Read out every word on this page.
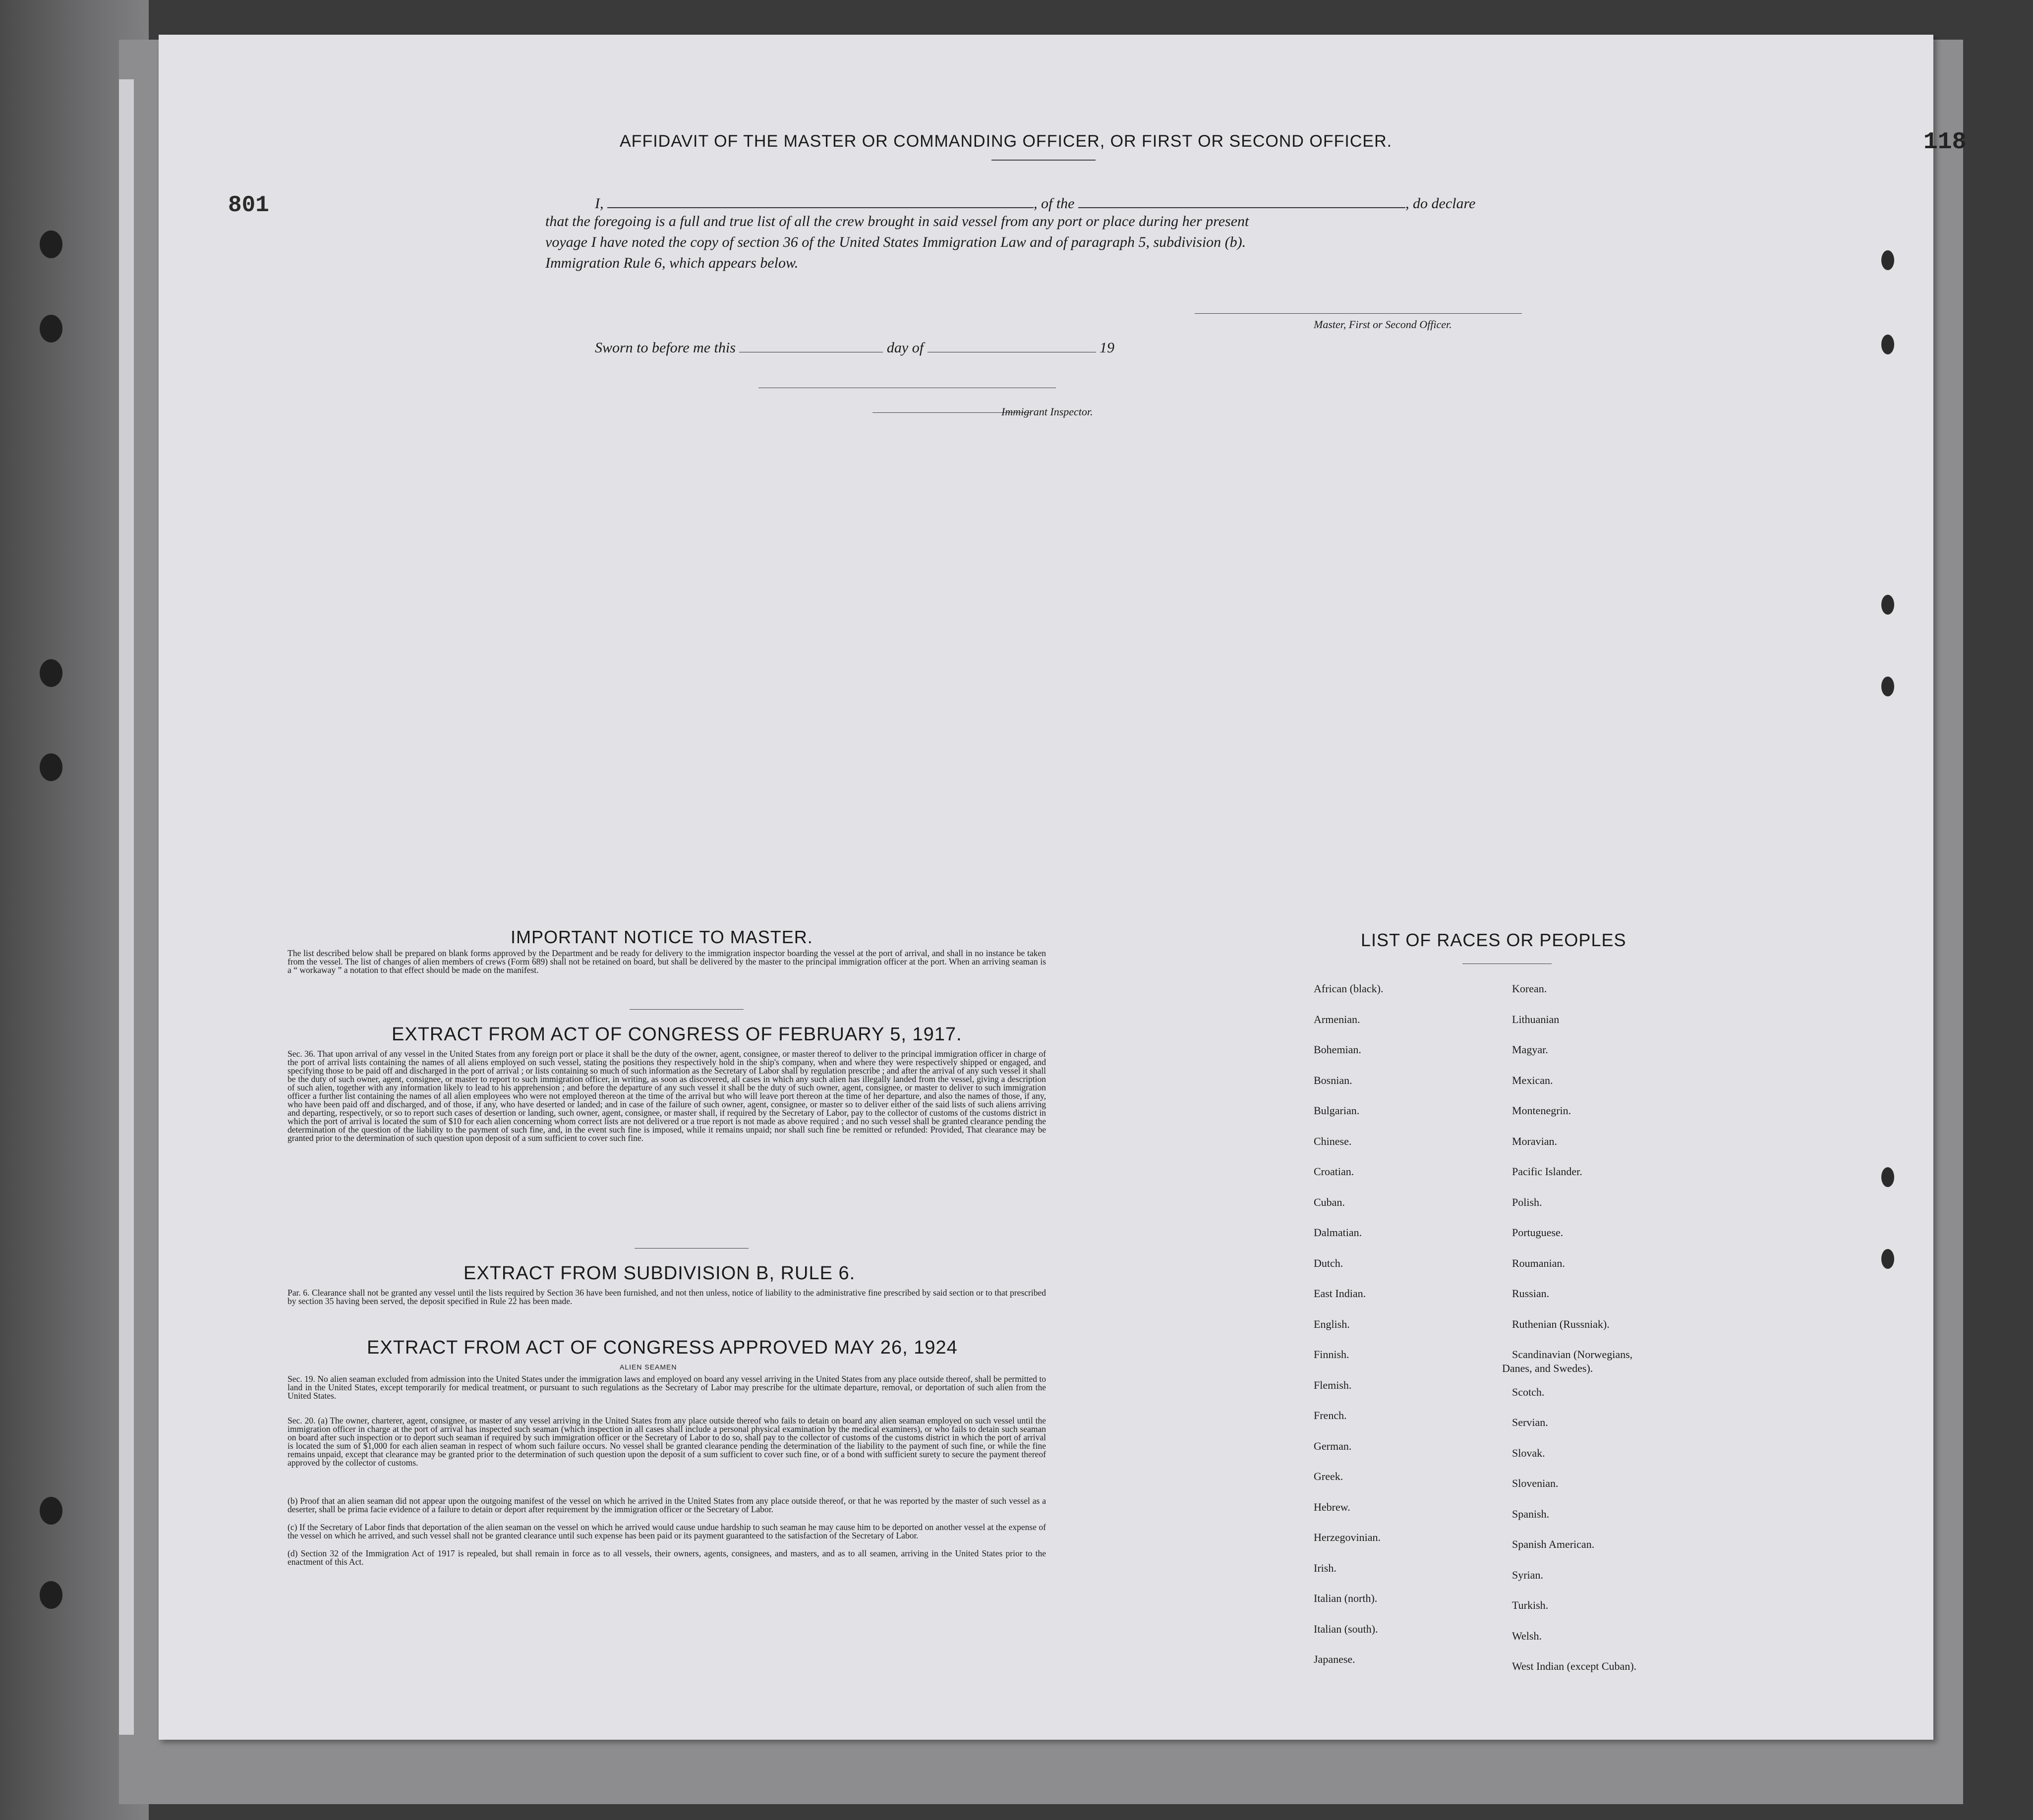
801
AFFIDAVIT OF THE MASTER OR COMMANDING OFFICER, OR FIRST OR SECOND OFFICER.
I,	, of the	, do declare
that the foregoing is a full and true list of all the crew brought in said vessel from any port or place during her present
voyage I have noted the copy of section 36 of the United States Immigration Law and of paragraph 5, subdivision (b).
Immigration Rule 6, which appears below.
Master, First or Second Officer.
Sworn to before me this	day of	19
Immigrant Inspector.
IMPORTANT NOTICE TO MASTER.
The list described below shall be prepared on blank forms approved by the Department and be ready for delivery to the immigration inspector boarding the vessel at the port of arrival, and shall in no instance be taken from the vessel. The list of changes of alien members of crews (Form 689) shall not be retained on board, but shall be delivered by the master to the principal immigration officer at the port. When an arriving seaman is a “ workaway ” a notation to that effect should be made on the manifest.
EXTRACT FROM ACT OF CONGRESS OF FEBRUARY 5, 1917.
Sec. 36. That upon arrival of any vessel in the United States from any foreign port or place it shall be the duty of the owner, agent, consignee, or master thereof to deliver to the principal immigration officer in charge of the port of arrival lists containing the names of all aliens employed on such vessel, stating the positions they respectively hold in the ship's company, when and where they were respectively shipped or engaged, and specifying those to be paid off and discharged in the port of arrival ; or lists containing so much of such information as the Secretary of Labor shall by regulation prescribe ; and after the arrival of any such vessel it shall be the duty of such owner, agent, consignee, or master to report to such immigration officer, in writing, as soon as discovered, all cases in which any such alien has illegally landed from the vessel, giving a description of such alien, together with any information likely to lead to his apprehension ; and before the departure of any such vessel it shall be the duty of such owner, agent, consignee, or master to deliver to such immigration officer a further list containing the names of all alien employees who were not employed thereon at the time of the arrival but who will leave port thereon at the time of her departure, and also the names of those, if any, who have been paid off and discharged, and of those, if any, who have deserted or landed; and in case of the failure of such owner, agent, consignee, or master so to deliver either of the said lists of such aliens arriving and departing, respectively, or so to report such cases of desertion or landing, such owner, agent, consignee, or master shall, if required by the Secretary of Labor, pay to the collector of customs of the customs district in which the port of arrival is located the sum of $10 for each alien concerning whom correct lists are not delivered or a true report is not made as above required ; and no such vessel shall be granted clearance pending the determination of the question of the liability to the payment of such fine, and, in the event such fine is imposed, while it remains unpaid; nor shall such fine be remitted or refunded: Provided, That clearance may be granted prior to the determination of such question upon deposit of a sum sufficient to cover such fine.
EXTRACT FROM SUBDIVISION B, RULE 6.
Par. 6. Clearance shall not be granted any vessel until the lists required by Section 36 have been furnished, and not then unless, notice of liability to the administrative fine prescribed by said section or to that prescribed by section 35 having been served, the deposit specified in Rule 22 has been made.
EXTRACT FROM ACT OF CONGRESS APPROVED MAY 26, 1924
ALIEN SEAMEN
Sec. 19. No alien seaman excluded from admission into the United States under the immigration laws and employed on board any vessel arriving in the United States from any place outside thereof, shall be permitted to land in the United States, except temporarily for medical treatment, or pursuant to such regulations as the Secretary of Labor may prescribe for the ultimate departure, removal, or deportation of such alien from the United States.
Sec. 20. (a) The owner, charterer, agent, consignee, or master of any vessel arriving in the United States from any place outside thereof who fails to detain on board any alien seaman employed on such vessel until the immigration officer in charge at the port of arrival has inspected such seaman (which inspection in all cases shall include a personal physical examination by the medical examiners), or who fails to detain such seaman on board after such inspection or to deport such seaman if required by such immigration officer or the Secretary of Labor to do so, shall pay to the collector of customs of the customs district in which the port of arrival is located the sum of $1,000 for each alien seaman in respect of whom such failure occurs. No vessel shall be granted clearance pending the determination of the liability to the payment of such fine, or while the fine remains unpaid, except that clearance may be granted prior to the determination of such question upon the deposit of a sum sufficient to cover such fine, or of a bond with sufficient surety to secure the payment thereof approved by the collector of customs.
(b) Proof that an alien seaman did not appear upon the outgoing manifest of the vessel on which he arrived in the United States from any place outside thereof, or that he was reported by the master of such vessel as a deserter, shall be prima facie evidence of a failure to detain or deport after requirement by the immigration officer or the Secretary of Labor.
(c) If the Secretary of Labor finds that deportation of the alien seaman on the vessel on which he arrived would cause undue hardship to such seaman he may cause him to be deported on another vessel at the expense of the vessel on which he arrived, and such vessel shall not be granted clearance until such expense has been paid or its payment guaranteed to the satisfaction of the Secretary of Labor.
(d) Section 32 of the Immigration Act of 1917 is repealed, but shall remain in force as to all vessels, their owners, agents, consignees, and masters, and as to all seamen, arriving in the United States prior to the enactment of this Act.
LIST OF RACES OR PEOPLES
African (black).
Armenian.
Bohemian.
Bosnian.
Bulgarian.
Chinese.
Croatian.
Cuban.
Dalmatian.
Dutch.
East Indian.
English.
Finnish.
Flemish.
French.
German.
Greek.
Hebrew.
Herzegovinian.
Irish.
Italian (north).
Italian (south).
Japanese.
Korean.
Lithuanian
Magyar.
Mexican.
Montenegrin.
Moravian.
Pacific Islander.
Polish.
Portuguese.
Roumanian.
Russian.
Ruthenian (Russniak).
Scandinavian (Norwegians,
Danes, and Swedes).
Scotch.
Servian.
Slovak.
Slovenian.
Spanish.
Spanish American.
Syrian.
Turkish.
Welsh.
West Indian (except Cuban).
118
